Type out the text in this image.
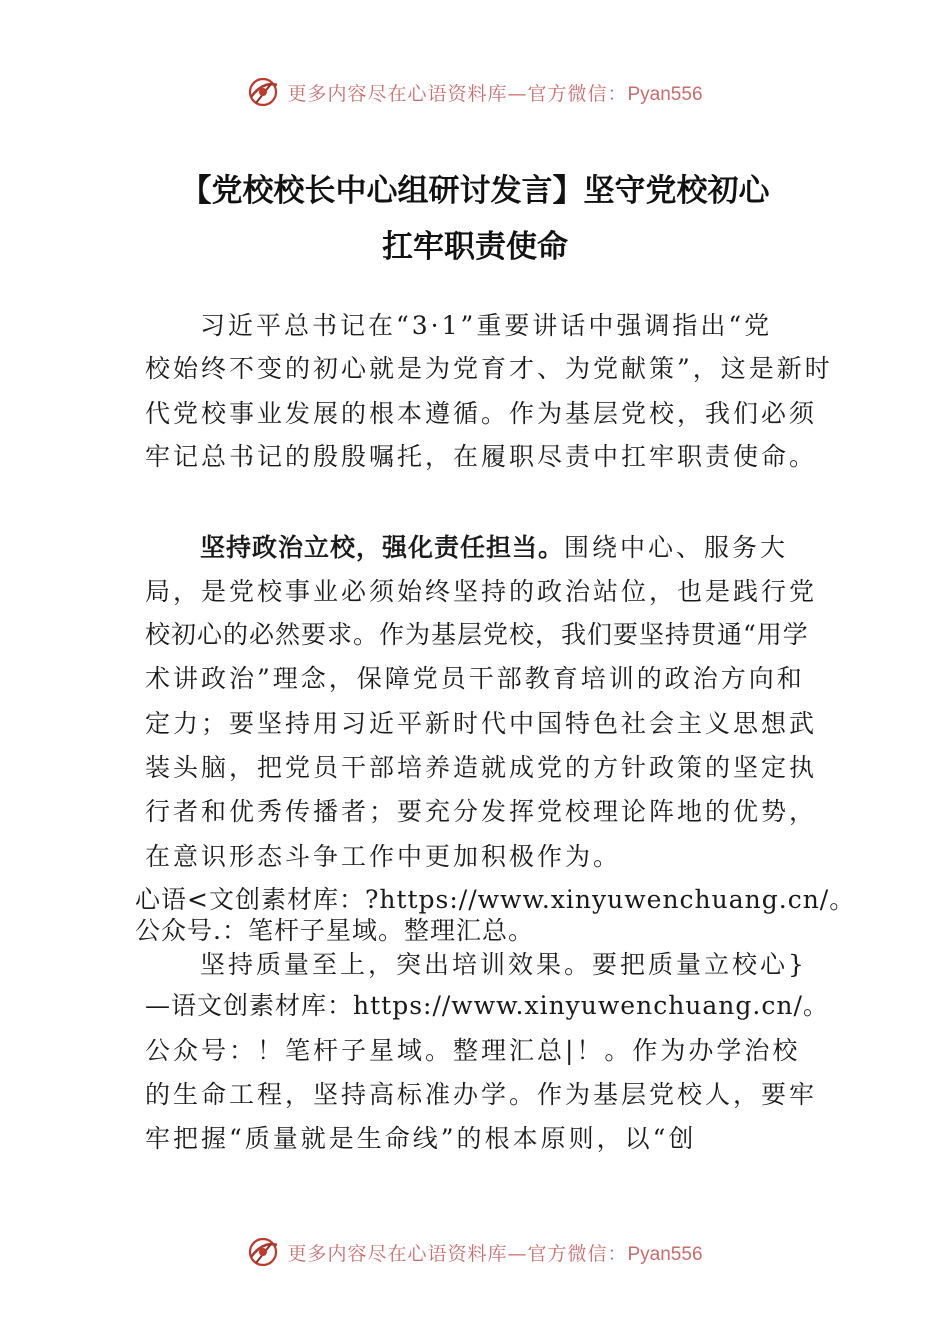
更多内容尽在心语资料库—官方微信：Pyan556
【党校校长中心组研讨发言】坚守党校初心
扛牢职责使命
习近平总书记在“3·1”重要讲话中强调指出“党
校始终不变的初心就是为党育才、为党献策”，这是新时
代党校事业发展的根本遵循。作为基层党校，我们必须
牢记总书记的殷殷嘱托，在履职尽责中扛牢职责使命。
坚持政治立校，强化责任担当。围绕中心、服务大
局，是党校事业必须始终坚持的政治站位，也是践行党
校初心的必然要求。作为基层党校，我们要坚持贯通“用学
术讲政治”理念，保障党员干部教育培训的政治方向和
定力；要坚持用习近平新时代中国特色社会主义思想武
装头脑，把党员干部培养造就成党的方针政策的坚定执
行者和优秀传播者；要充分发挥党校理论阵地的优势，
在意识形态斗争工作中更加积极作为。
心语<文创素材库：?https://www.xinyuwenchuang.cn/。
公众号.：笔杆子星域。整理汇总。
坚持质量至上，突出培训效果。要把质量立校心}
—语文创素材库：https://www.xinyuwenchuang.cn/。
公众号：！笔杆子星域。整理汇总|！。作为办学治校
的生命工程，坚持高标准办学。作为基层党校人，要牢
牢把握“质量就是生命线”的根本原则，以“创
更多内容尽在心语资料库—官方微信：Pyan556
